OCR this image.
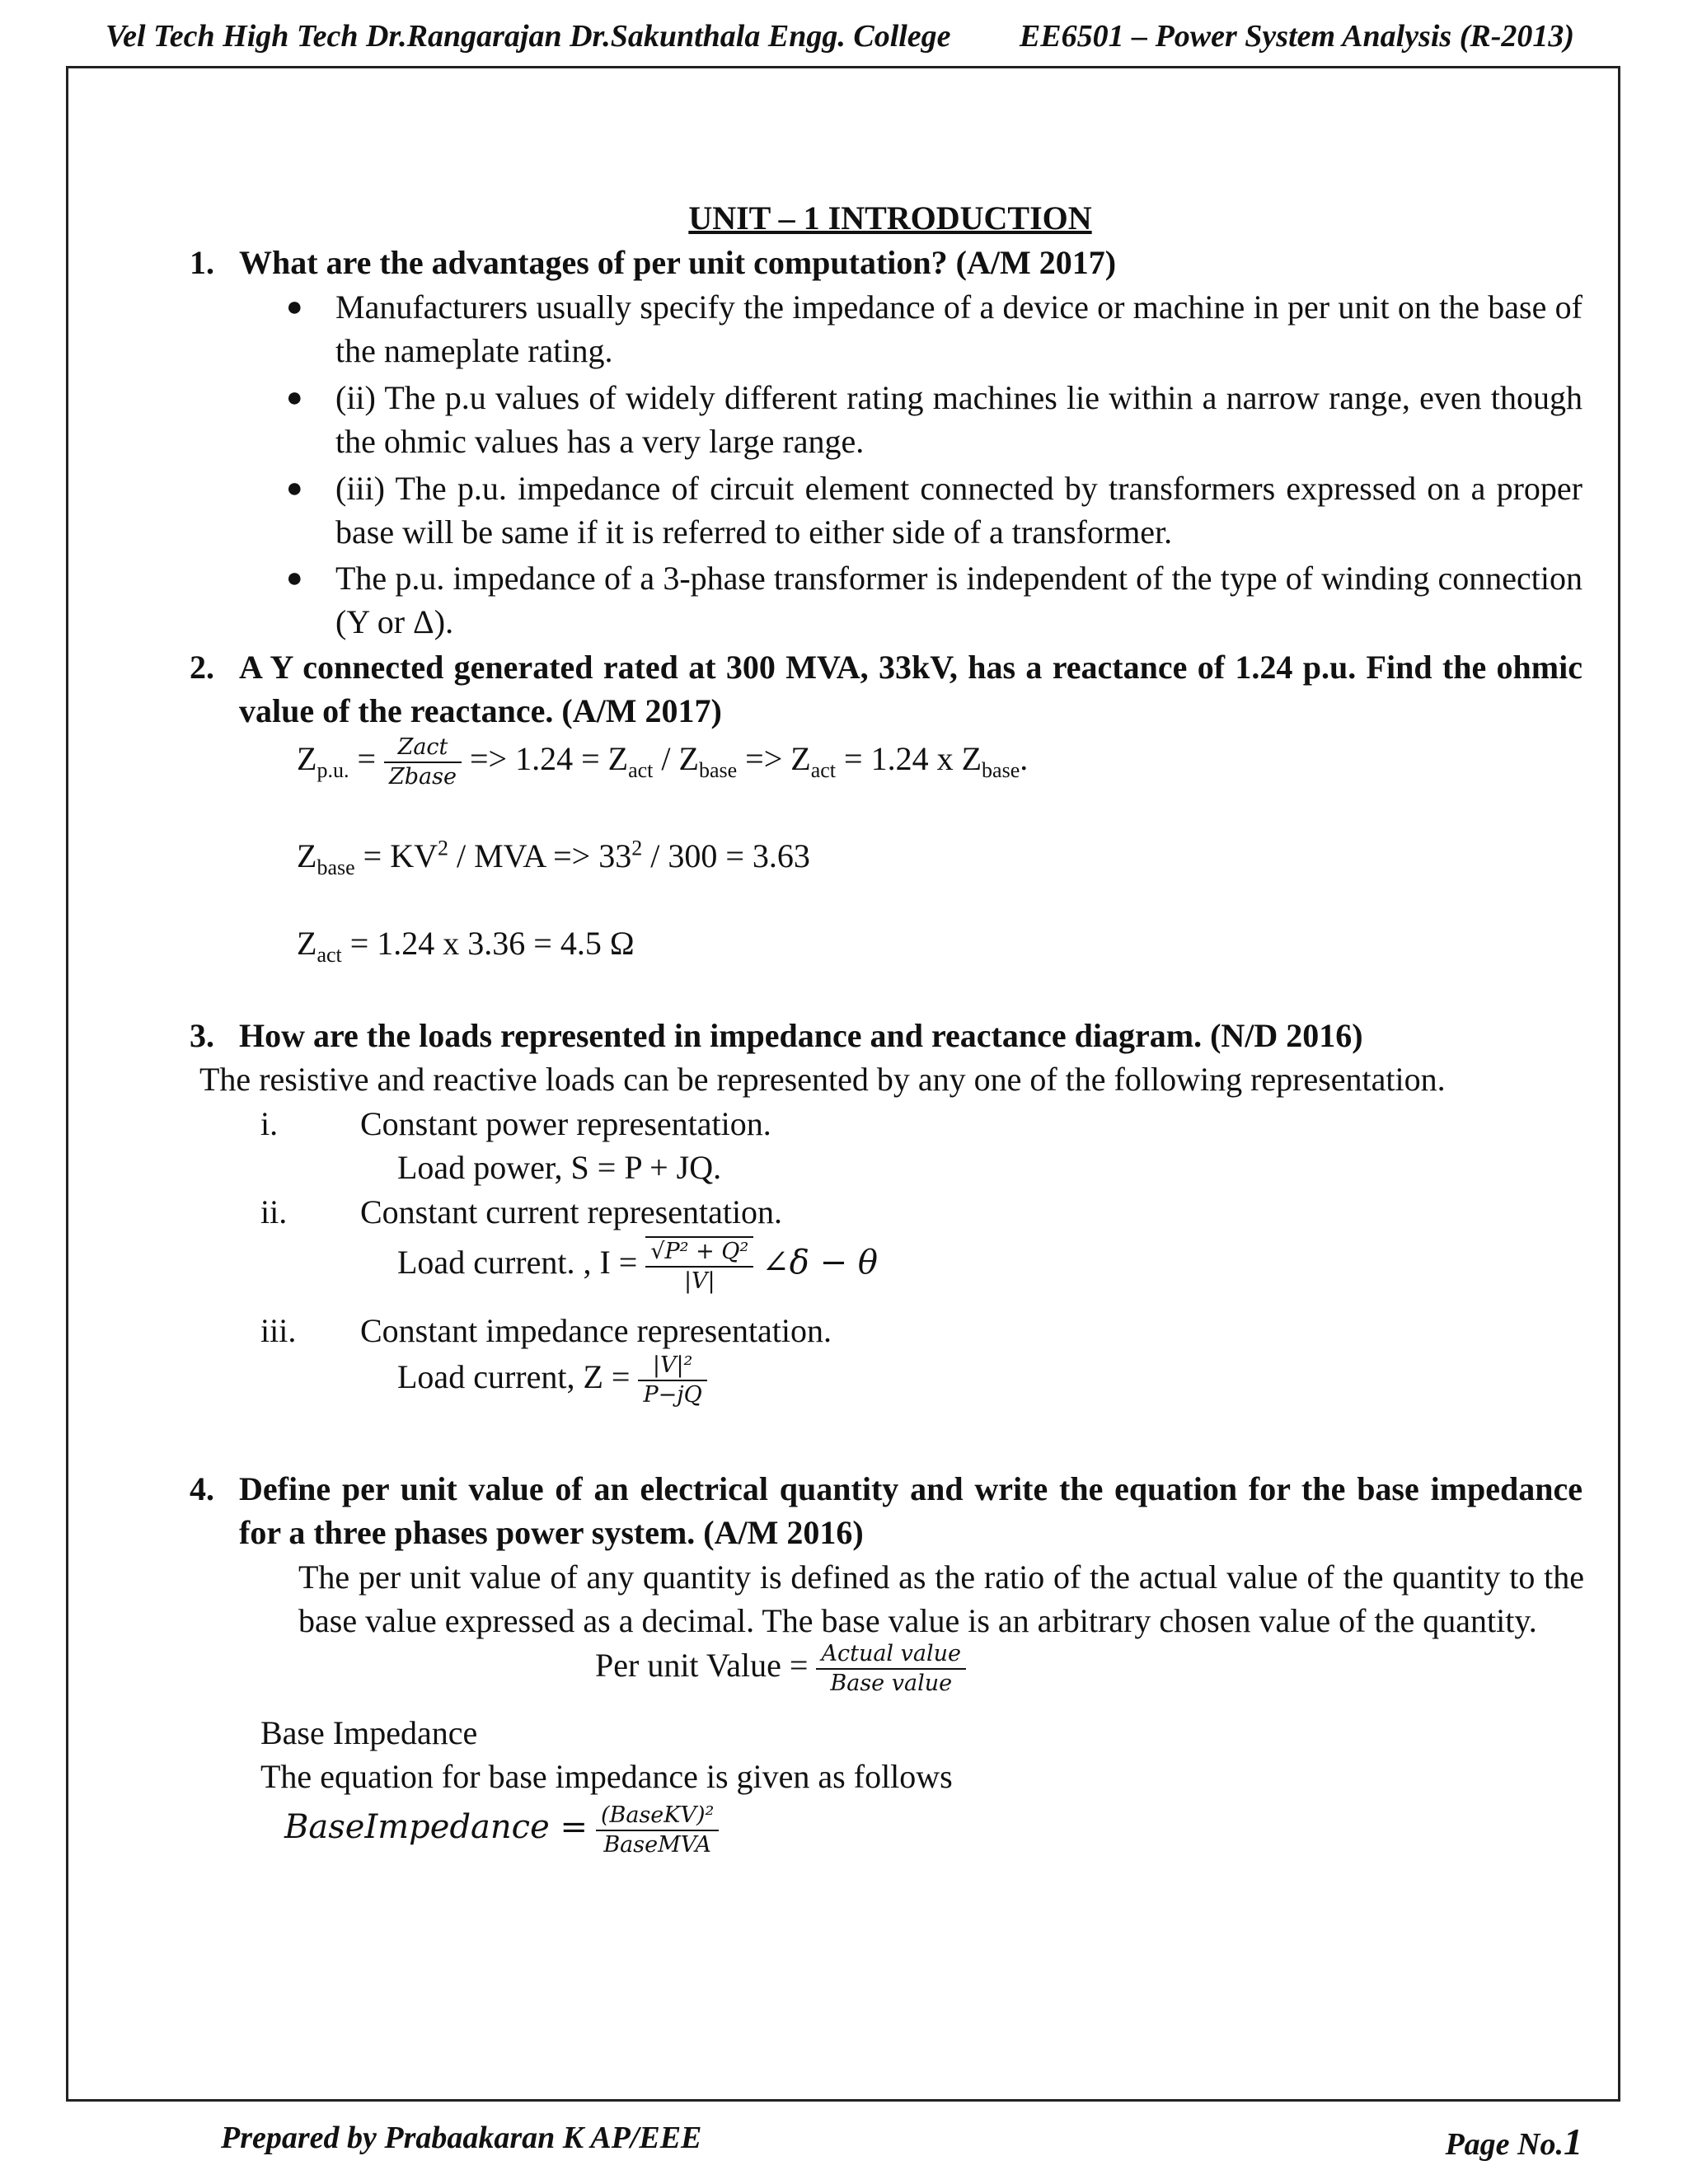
Vel Tech High Tech Dr.Rangarajan Dr.Sakunthala Engg. College EE6501 – Power System Analysis (R-2013)
UNIT – 1 INTRODUCTION
1. What are the advantages of per unit computation? (A/M 2017)
● Manufacturers usually specify the impedance of a device or machine in per unit on the base of the nameplate rating.
● (ii) The p.u values of widely different rating machines lie within a narrow range, even though the ohmic values has a very large range.
● (iii) The p.u. impedance of circuit element connected by transformers expressed on a proper base will be same if it is referred to either side of a transformer.
● The p.u. impedance of a 3-phase transformer is independent of the type of winding connection (Y or Δ).
2. A Y connected generated rated at 300 MVA, 33kV, has a reactance of 1.24 p.u. Find the ohmic value of the reactance. (A/M 2017)
$Z_{p.u.} = \frac{\text{Zact}}{\text{Zbase}} => 1.24 = Z_{act} / Z_{base} => Z_{act} = 1.24$ x $Z_{base}$.
$Z_{base} = KV^2$ / MVA => $33^2 / 300 = 3.63$
$Z_{act} = 1.24$ x 3.36 = 4.5 Ω
3. How are the loads represented in impedance and reactance diagram. (N/D 2016)
The resistive and reactive loads can be represented by any one of the following representation.
i. Constant power representation.
Load power, S = P + JQ.
ii. Constant current representation.
Load current. , $I = \frac{\text{√P² + Q²}}{|V|}$ ∠δ − θ
iii. Constant impedance representation.
Load current, $Z = \frac{\text{|V|²}}{P-jQ}$
4. Define per unit value of an electrical quantity and write the equation for the base impedance for a three phases power system. (A/M 2016)
The per unit value of any quantity is defined as the ratio of the actual value of the quantity to the base value expressed as a decimal. The base value is an arbitrary chosen value of the quantity.
Per unit Value = $\frac{\text{Actual value}}{\text{Base value}}$
Base Impedance
The equation for base impedance is given as follows
BaseImpedance = $\frac{\text{(BaseKV)²}}{\text{BaseMVA}}$
Prepared by Prabaakaran K AP/EEE	Page No.1
